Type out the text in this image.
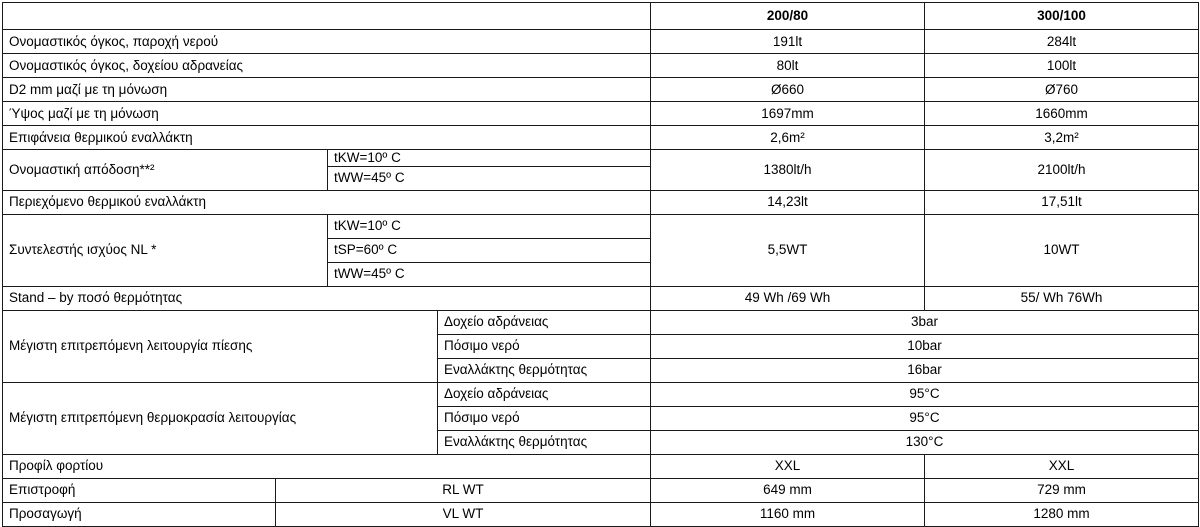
				200/80	300/100
Ονομαστικός όγκος, παροχή νερού				191lt	284lt
Ονομαστικός όγκος, δοχείου αδρανείας				80lt	100lt
D2 mm μαζί με τη μόνωση				Ø660	Ø760
Ύψος μαζί με τη μόνωση				1697mm	1660mm
Επιφάνεια θερμικού εναλλάκτη				2,6m²	3,2m²
Ονομαστική απόδοση**²		tKW=10º C		1380lt/h	2100lt/h
		tWW=45º C			
Περιεχόμενο θερμικού εναλλάκτη				14,23lt	17,51lt
Συντελεστής ισχύος NL *		tKW=10º C		5,5WT	10WT
		tSP=60º C			
		tWW=45º C			
Stand – by ποσό θερμότητας				49 Wh /69 Wh	55/ Wh 76Wh
Μέγιστη επιτρεπόμενη λειτουργία πίεσης			Δοχείο αδράνειας	3bar	
			Πόσιμο νερό	10bar	
			Εναλλάκτης θερμότητας	16bar	
Μέγιστη επιτρεπόμενη θερμοκρασία λειτουργίας			Δοχείο αδράνειας	95°C	
			Πόσιμο νερό	95°C	
			Εναλλάκτης θερμότητας	130°C	
Προφίλ φορτίου				XXL	XXL
Επιστροφή	RL WT			649 mm	729 mm
Προσαγωγή	VL WT			1160 mm	1280 mm
